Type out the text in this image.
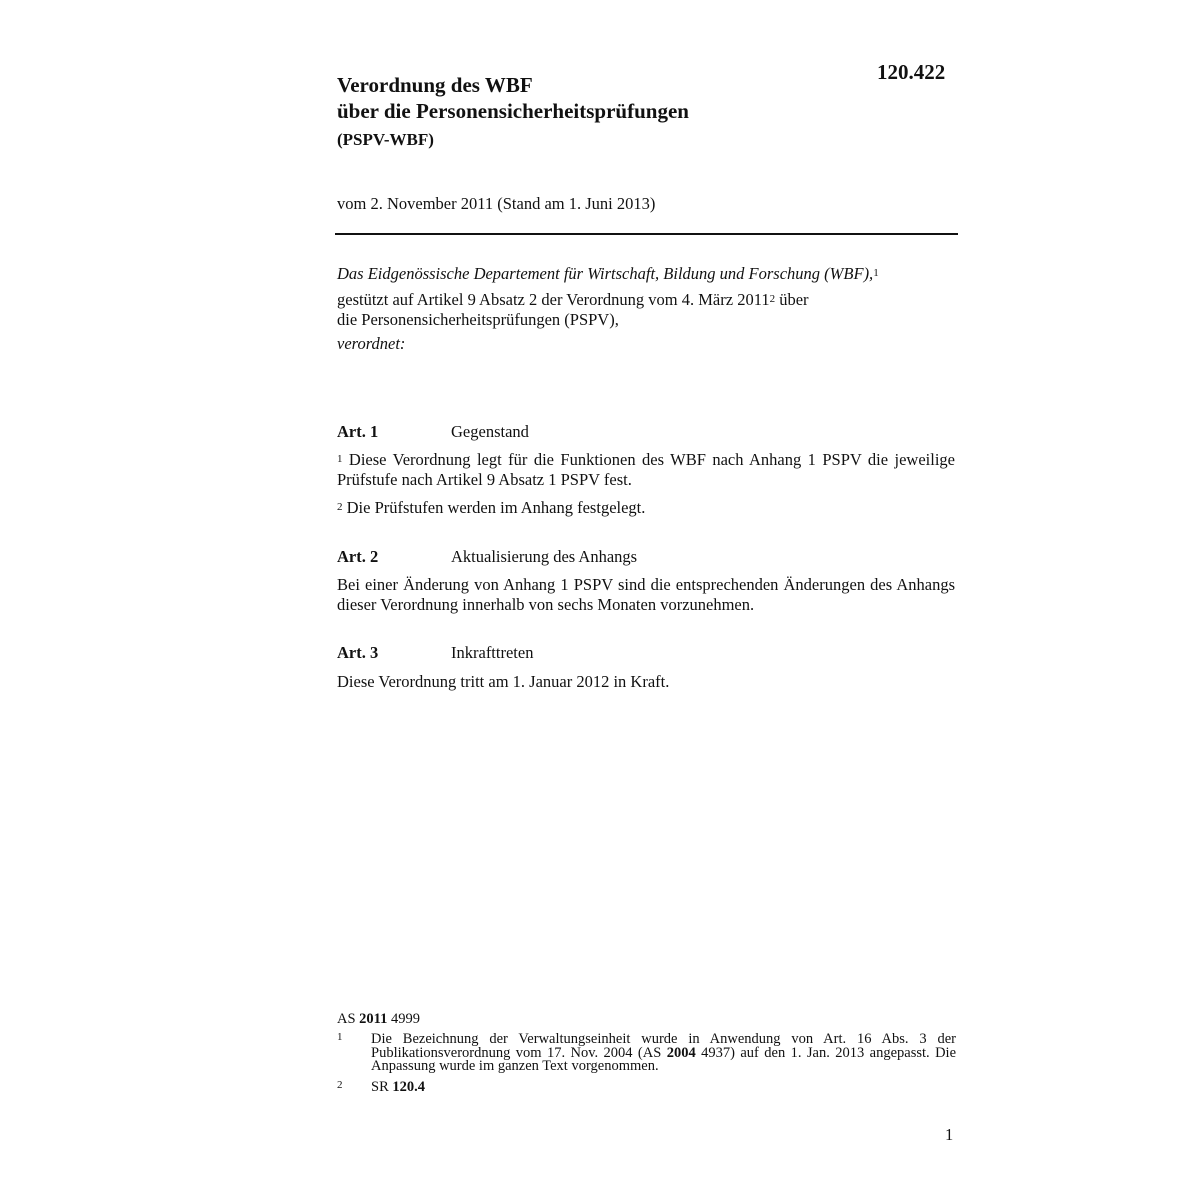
120.422
Verordnung des WBF
über die Personensicherheitsprüfungen
(PSPV-WBF)
vom 2. November 2011 (Stand am 1. Juni 2013)
Das Eidgenössische Departement für Wirtschaft, Bildung und Forschung (WBF),$^1$
gestützt auf Artikel 9 Absatz 2 der Verordnung vom 4. März 2011$^2$ über
die Personensicherheitsprüfungen (PSPV),
verordnet:
Art. 1	Gegenstand
$^1$ Diese Verordnung legt für die Funktionen des WBF nach Anhang 1 PSPV die jeweilige Prüfstufe nach Artikel 9 Absatz 1 PSPV fest.
$^2$ Die Prüfstufen werden im Anhang festgelegt.
Art. 2	Aktualisierung des Anhangs
Bei einer Änderung von Anhang 1 PSPV sind die entsprechenden Änderungen des Anhangs dieser Verordnung innerhalb von sechs Monaten vorzunehmen.
Art. 3	Inkrafttreten
Diese Verordnung tritt am 1. Januar 2012 in Kraft.
AS 2011 4999
1 Die Bezeichnung der Verwaltungseinheit wurde in Anwendung von Art. 16 Abs. 3 der Publikationsverordnung vom 17. Nov. 2004 (AS 2004 4937) auf den 1. Jan. 2013 angepasst. Die Anpassung wurde im ganzen Text vorgenommen.
2 SR 120.4
1
